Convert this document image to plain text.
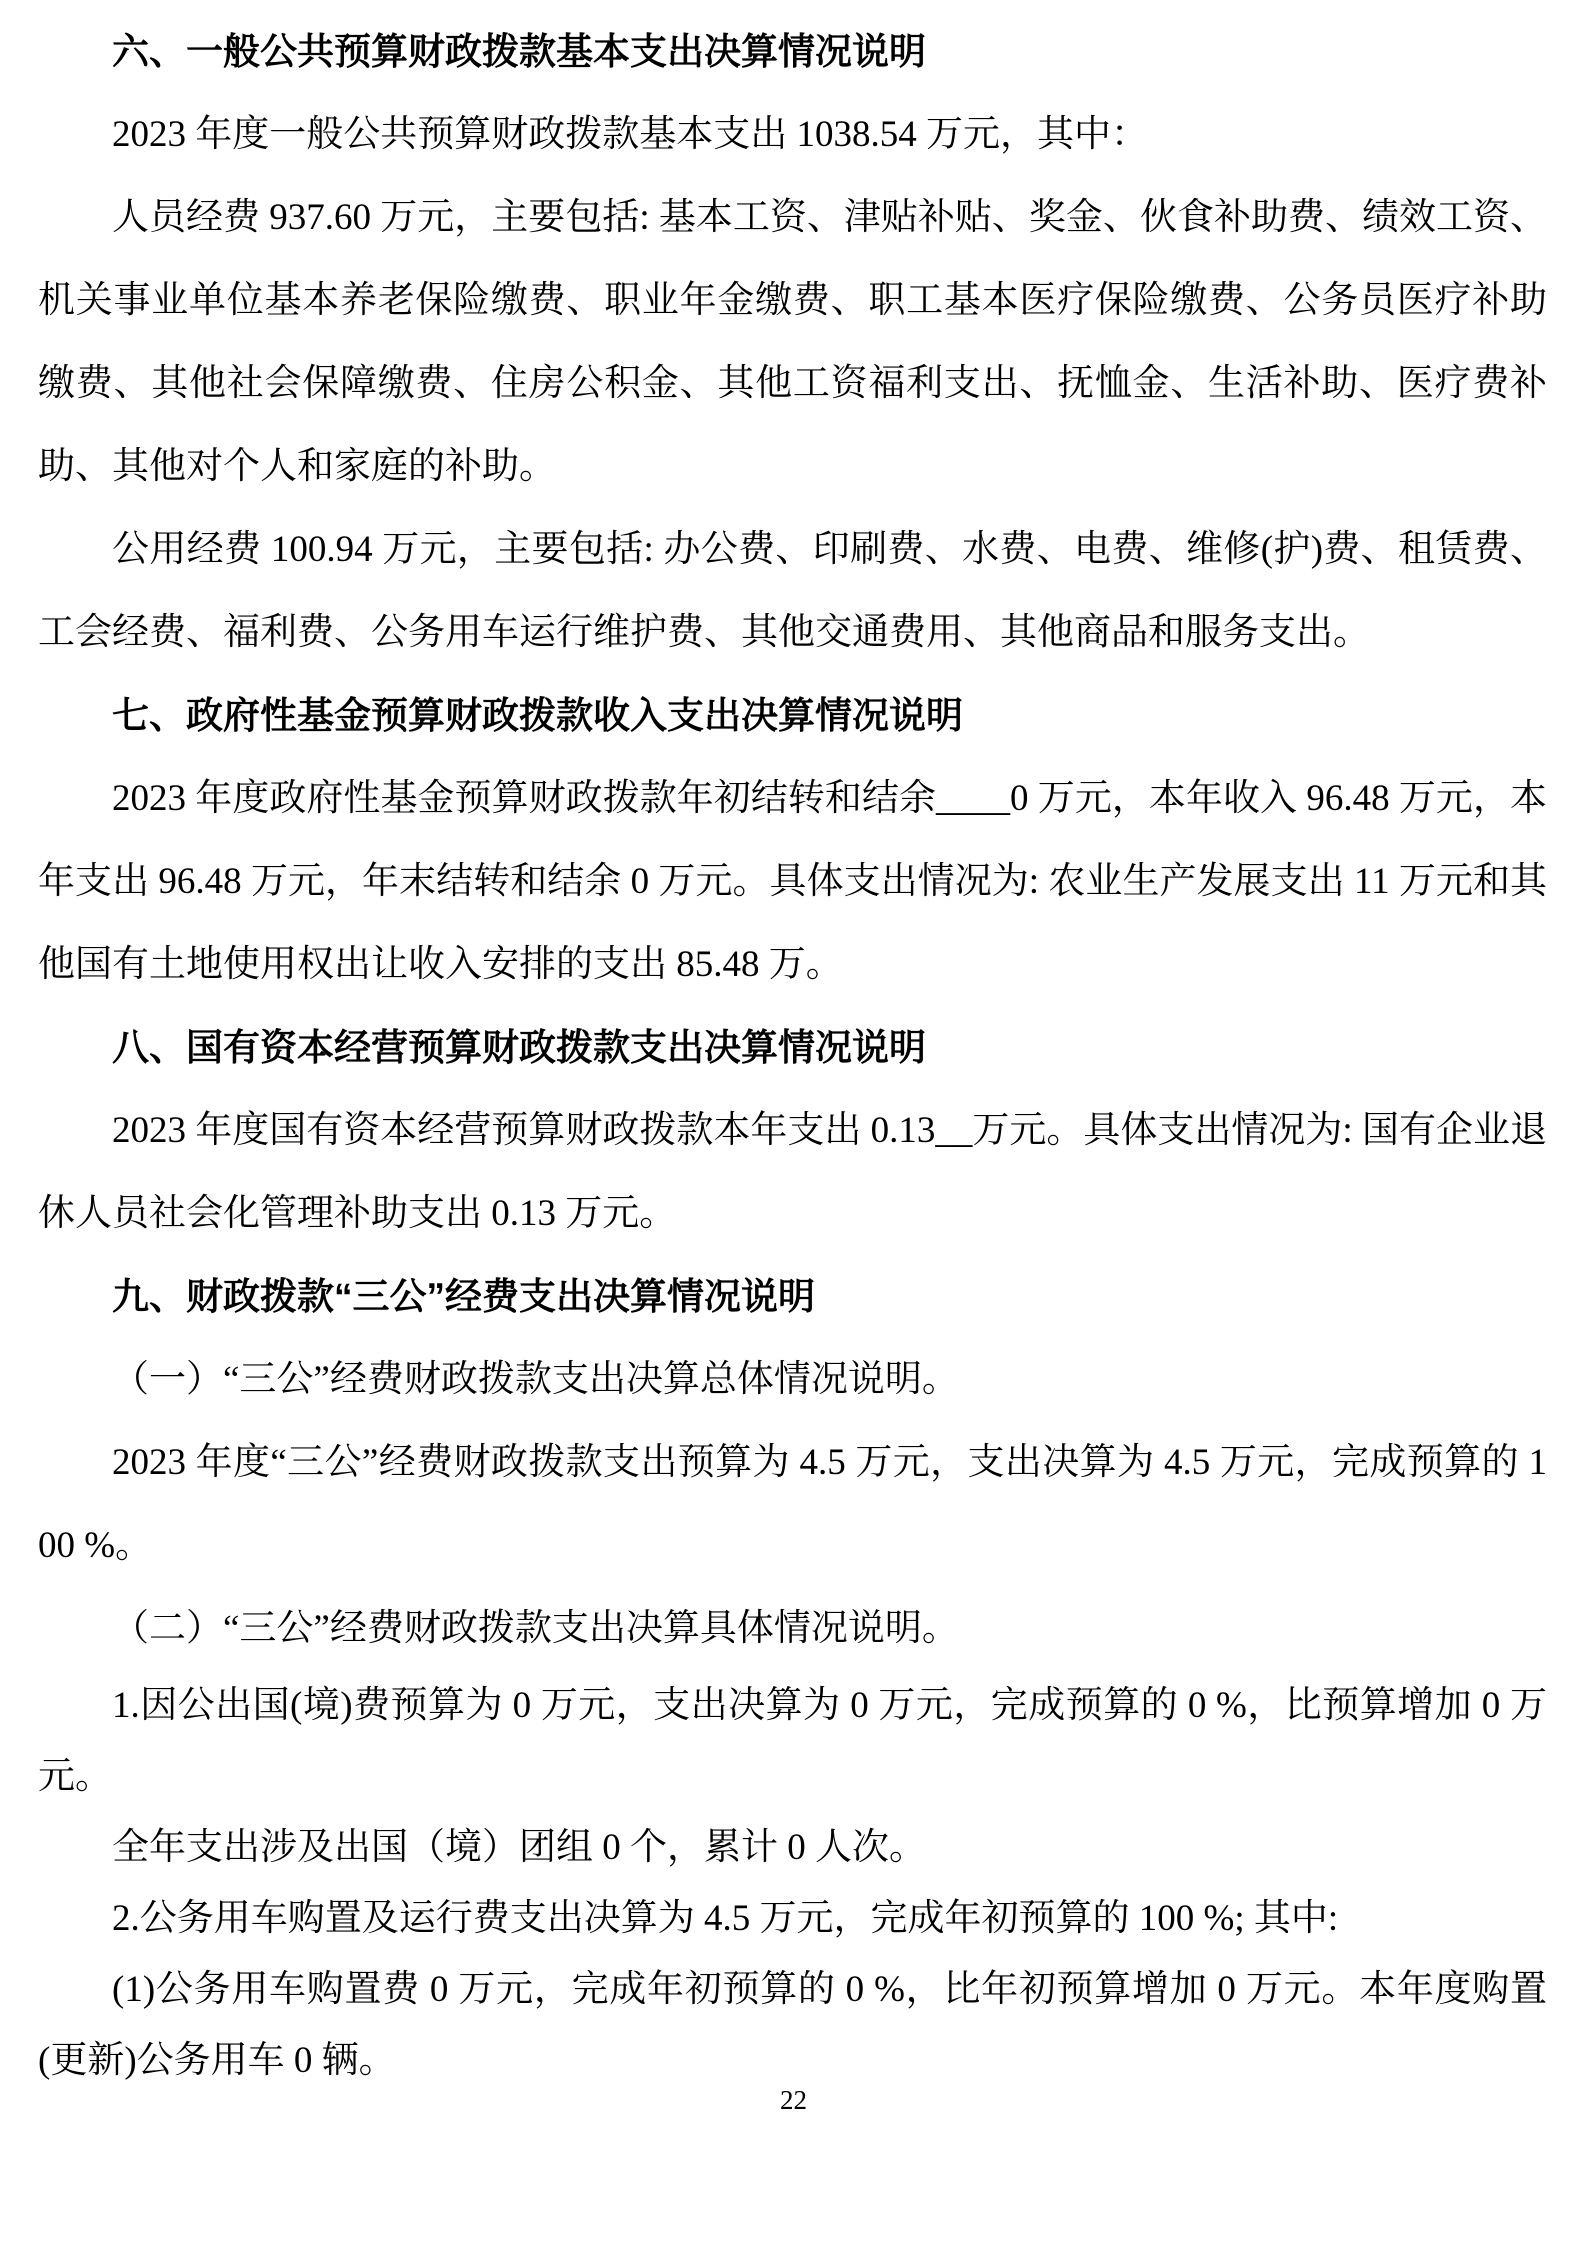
六、一般公共预算财政拨款基本支出决算情况说明

2023 年度一般公共预算财政拨款基本支出 1038.54 万元，其中：

人员经费 937.60 万元，主要包括: 基本工资、津贴补贴、奖金、伙食补助费、绩效工资、机关事业单位基本养老保险缴费、职业年金缴费、职工基本医疗保险缴费、公务员医疗补助缴费、其他社会保障缴费、住房公积金、其他工资福利支出、抚恤金、生活补助、医疗费补助、其他对个人和家庭的补助。

公用经费 100.94 万元，主要包括: 办公费、印刷费、水费、电费、维修(护)费、租赁费、工会经费、福利费、公务用车运行维护费、其他交通费用、其他商品和服务支出。

七、政府性基金预算财政拨款收入支出决算情况说明

2023 年度政府性基金预算财政拨款年初结转和结余____0 万元，本年收入 96.48 万元，本年支出 96.48 万元，年末结转和结余 0 万元。具体支出情况为: 农业生产发展支出 11 万元和其他国有土地使用权出让收入安排的支出 85.48 万。

八、国有资本经营预算财政拨款支出决算情况说明

2023 年度国有资本经营预算财政拨款本年支出 0.13__万元。具体支出情况为: 国有企业退休人员社会化管理补助支出 0.13 万元。

九、财政拨款“三公”经费支出决算情况说明

（一）“三公”经费财政拨款支出决算总体情况说明。

2023 年度“三公”经费财政拨款支出预算为 4.5 万元，支出决算为 4.5 万元，完成预算的 100 %。

（二）“三公”经费财政拨款支出决算具体情况说明。

1.因公出国(境)费预算为 0 万元，支出决算为 0 万元，完成预算的 0 %，比预算增加 0 万元。

全年支出涉及出国（境）团组 0 个，累计 0 人次。

2.公务用车购置及运行费支出决算为 4.5 万元，完成年初预算的 100 %; 其中:

(1)公务用车购置费 0 万元，完成年初预算的 0 %，比年初预算增加 0 万元。本年度购置(更新)公务用车 0 辆。

22
